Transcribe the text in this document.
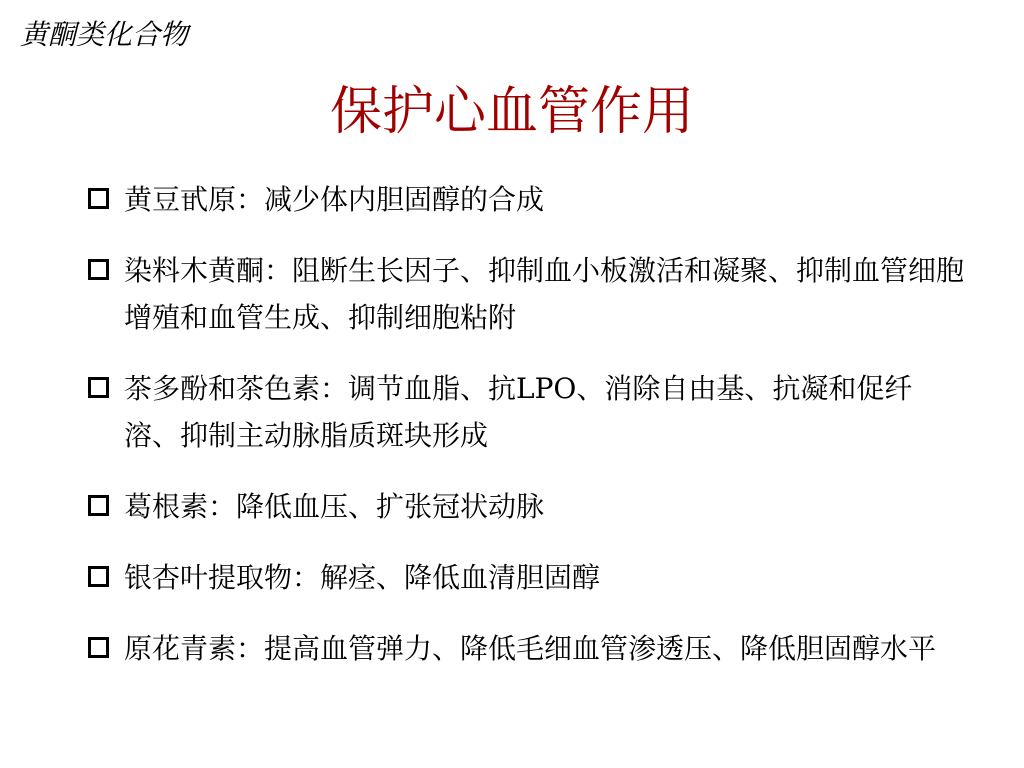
黄酮类化合物
保护心血管作用
黄豆甙原：减少体内胆固醇的合成
染料木黄酮：阻断生长因子、抑制血小板激活和凝聚、抑制血管细胞增殖和血管生成、抑制细胞粘附
茶多酚和茶色素：调节血脂、抗LPO、消除自由基、抗凝和促纤溶、抑制主动脉脂质斑块形成
葛根素：降低血压、扩张冠状动脉
银杏叶提取物：解痉、降低血清胆固醇
原花青素：提高血管弹力、降低毛细血管渗透压、降低胆固醇水平
